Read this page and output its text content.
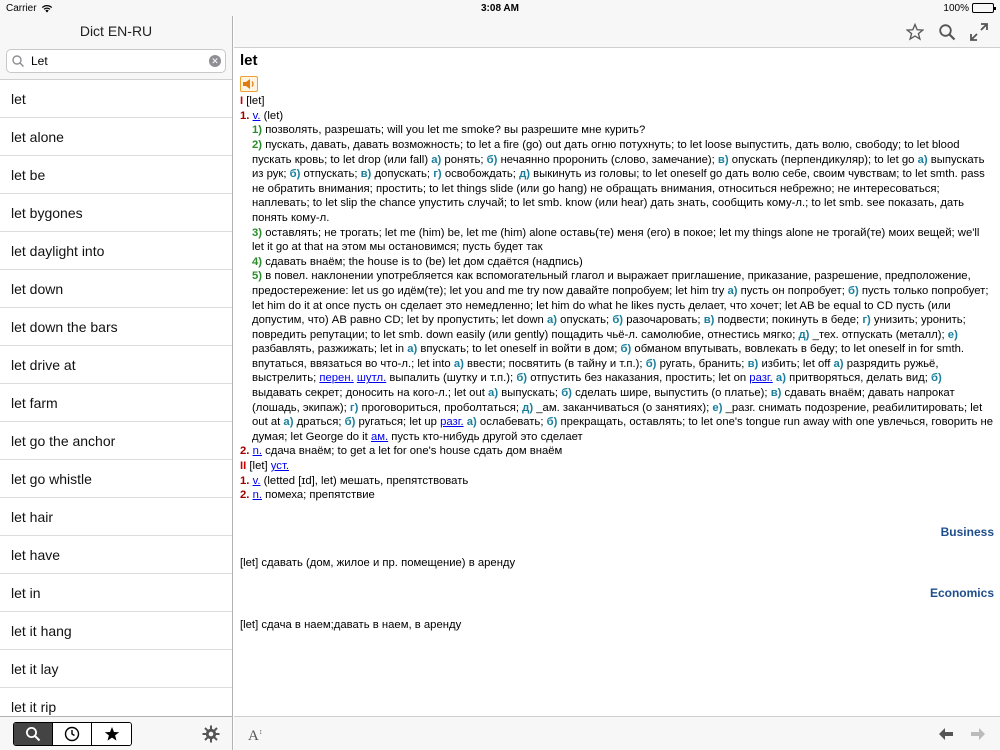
Carrier	3:08 AM	100%
Dict EN-RU
Let
✕
let
let alone
let be
let bygones
let daylight into
let down
let down the bars
let drive at
let farm
let go the anchor
let go whistle
let hair
let have
let in
let it hang
let it lay
let it rip
let
I [let]
1. v. (let)
1) позволять, разрешать; will you let me smoke? вы разрешите мне курить?
2) пускать, давать, давать возможность; to let a fire (go) out дать огню потухнуть; to let loose выпустить, дать волю, свободу; to let blood пускать кровь; to let drop (или fall) а) ронять; б) нечаянно проронить (слово, замечание); в) опускать (перпендикуляр); to let go а) выпускать из рук; б) отпускать; в) допускать; г) освобождать; д) выкинуть из головы; to let oneself go дать волю себе, своим чувствам; to let smth. pass не обратить внимания; простить; to let things slide (или go hang) не обращать внимания, относиться небрежно; не интересоваться; наплевать; to let slip the chance упустить случай; to let smb. know (или hear) дать знать, сообщить кому-л.; to let smb. see показать, дать понять кому-л.
3) оставлять; не трогать; let me (him) be, let me (him) alone оставь(те) меня (его) в покое; let my things alone не трогай(те) моих вещей; we'll let it go at that на этом мы остановимся; пусть будет так
4) сдавать внаём; the house is to (be) let дом сдаётся (надпись)
5) в повел. наклонении употребляется как вспомогательный глагол и выражает приглашение, приказание, разрешение, предположение, предостережение: let us go идём(те); let you and me try now давайте попробуем; let him try а) пусть он попробует; б) пусть только попробует; let him do it at once пусть он сделает это немедленно; let him do what he likes пусть делает, что хочет; let AB be equal to CD пусть (или допустим, что) AB равно CD; let by пропустить; let down а) опускать; б) разочаровать; в) подвести; покинуть в беде; г) унизить; уронить; повредить репутации; to let smb. down easily (или gently) пощадить чьё-л. самолюбие, отнестись мягко; д) _тех. отпускать (металл); е) разбавлять, разжижать; let in а) впускать; to let oneself in войти в дом; б) обманом впутывать, вовлекать в беду; to let oneself in for smth. впутаться, ввязаться во что-л.; let into а) ввести; посвятить (в тайну и т.п.); б) ругать, бранить; в) избить; let off а) разрядить ружьё, выстрелить; перен. шутл. выпалить (шутку и т.п.); б) отпустить без наказания, простить; let on разг. а) притворяться, делать вид; б) выдавать секрет; доносить на кого-л.; let out а) выпускать; б) сделать шире, выпустить (о платье); в) сдавать внаём; давать напрокат (лошадь, экипаж); г) проговориться, проболтаться; д) _ам. заканчиваться (о занятиях); е) _разг. снимать подозрение, реабилитировать; let out at а) драться; б) ругаться; let up разг. а) ослабевать; б) прекращать, оставлять; to let one's tongue run away with one увлечься, говорить не думая; let George do it ам. пусть кто-нибудь другой это сделает
2. n. сдача внаём; to get a let for one's house сдать дом внаём
II [let] уст.
1. v. (letted [ɪd], let) мешать, препятствовать
2. n. помеха; препятствие
Business
[let] сдавать (дом, жилое и пр. помещение) в аренду
Economics
[let] сдача в наем;давать в наем, в аренду
A ↕
